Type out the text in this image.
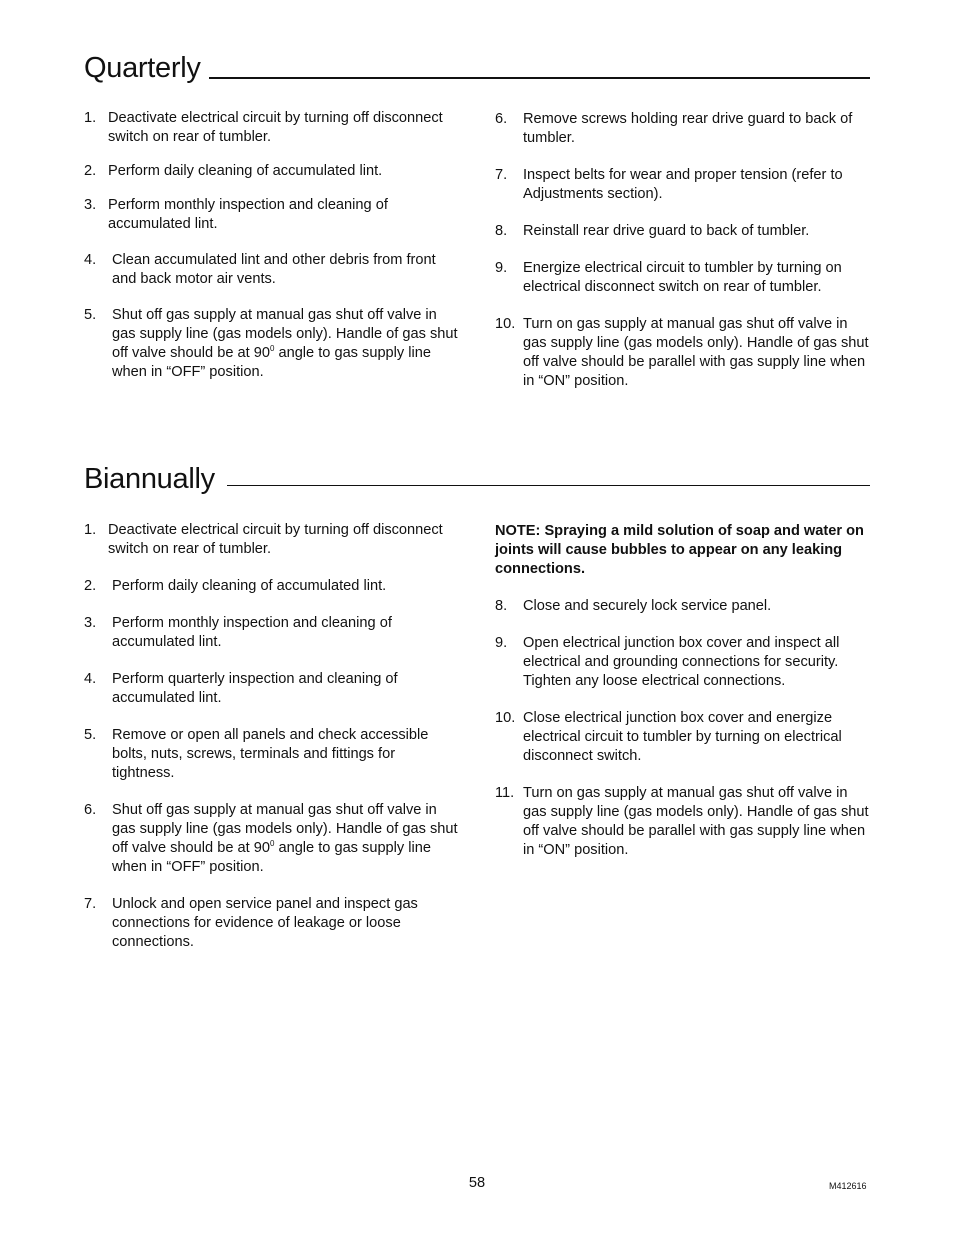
Quarterly
1. Deactivate electrical circuit by turning off disconnect switch on rear of tumbler.
2. Perform daily cleaning of accumulated lint.
3. Perform monthly inspection and cleaning of accumulated lint.
4.	Clean accumulated lint and other debris from front and back motor air vents.
5.	Shut off gas supply at manual gas shut off valve in gas supply line (gas models only). Handle of gas shut off valve should be at $90^0$ angle to gas supply line when in “OFF” position.
6.	Remove screws holding rear drive guard to back of tumbler.
7.	Inspect belts for wear and proper tension (refer to Adjustments section).
8.	Reinstall rear drive guard to back of tumbler.
9.	Energize electrical circuit to tumbler by turning on electrical disconnect switch on rear of tumbler.
10. Turn on gas supply at manual gas shut off valve in gas supply line (gas models only). Handle of gas shut off valve should be parallel with gas supply line when in “ON” position.
Biannually
1. Deactivate electrical circuit by turning off disconnect switch on rear of tumbler.
2.	Perform daily cleaning of accumulated lint.
3.	Perform monthly inspection and cleaning of accumulated lint.
4.	Perform quarterly inspection and cleaning of accumulated lint.
5.	Remove or open all panels and check accessible bolts, nuts, screws, terminals and fittings for tightness.
6.	Shut off gas supply at manual gas shut off valve in gas supply line (gas models only). Handle of gas shut off valve should be at $90^0$ angle to gas supply line when in “OFF” position.
7.	Unlock and open service panel and inspect gas connections for evidence of leakage or loose connections.
NOTE: Spraying a mild solution of soap and water on joints will cause bubbles to appear on any leaking connections.
8.	Close and securely lock service panel.
9.	Open electrical junction box cover and inspect all electrical and grounding connections for security. Tighten any loose electrical connections.
10. Close electrical junction box cover and energize electrical circuit to tumbler by turning on electrical disconnect switch.
11. Turn on gas supply at manual gas shut off valve in gas supply line (gas models only). Handle of gas shut off valve should be parallel with gas supply line when in “ON” position.
58	M412616
